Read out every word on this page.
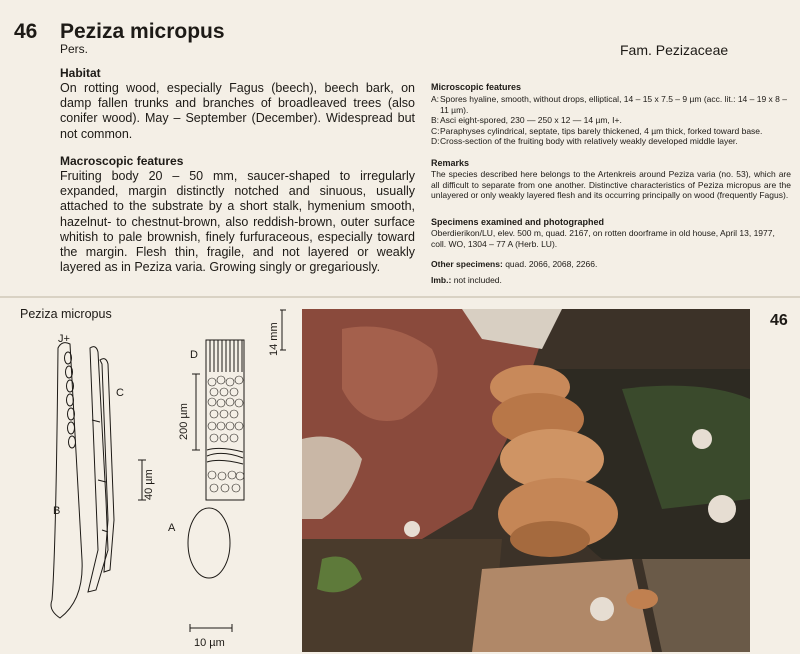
46 Peziza micropus
Pers.	Fam. Pezizaceae
Habitat
On rotting wood, especially Fagus (beech), beech bark, on damp fallen trunks and branches of broadleaved trees (also conifer wood). May – September (December). Widespread but not common.
Macroscopic features
Fruiting body 20 – 50 mm, saucer-shaped to irregularly expanded, margin distinctly notched and sinuous, usually attached to the substrate by a short stalk, hymenium smooth, hazelnut- to chestnut-brown, also reddish-brown, outer surface whitish to pale brownish, finely furfuraceous, especially toward the margin. Flesh thin, fragile, and not layered or weakly layered as in Peziza varia. Growing singly or gregariously.
Microscopic features
A: Spores hyaline, smooth, without drops, elliptical, 14 – 15 x 7.5 – 9 µm (acc. lit.: 14 – 19 x 8 – 11 µm).
B: Asci eight-spored, 230 — 250 x 12 — 14 µm, I+.
C: Paraphyses cylindrical, septate, tips barely thickened, 4 µm thick, forked toward base.
D: Cross-section of the fruiting body with relatively weakly developed middle layer.
Remarks
The species described here belongs to the Artenkreis around Peziza varia (no. 53), which are all difficult to separate from one another. Distinctive characteristics of Peziza micropus are the unlayered or only weakly layered flesh and its occurring principally on wood (frequently Fagus).
Specimens examined and photographed
Oberdierikon/LU, elev. 500 m, quad. 2167, on rotten doorframe in old house, April 13, 1977, coll. WO, 1304 – 77 A (Herb. LU).
Other specimens: quad. 2066, 2068, 2266.
Imb.: not included.
Peziza micropus
J+
B
C
D
A
14 mm
200 µm
40 µm
10 µm
46
